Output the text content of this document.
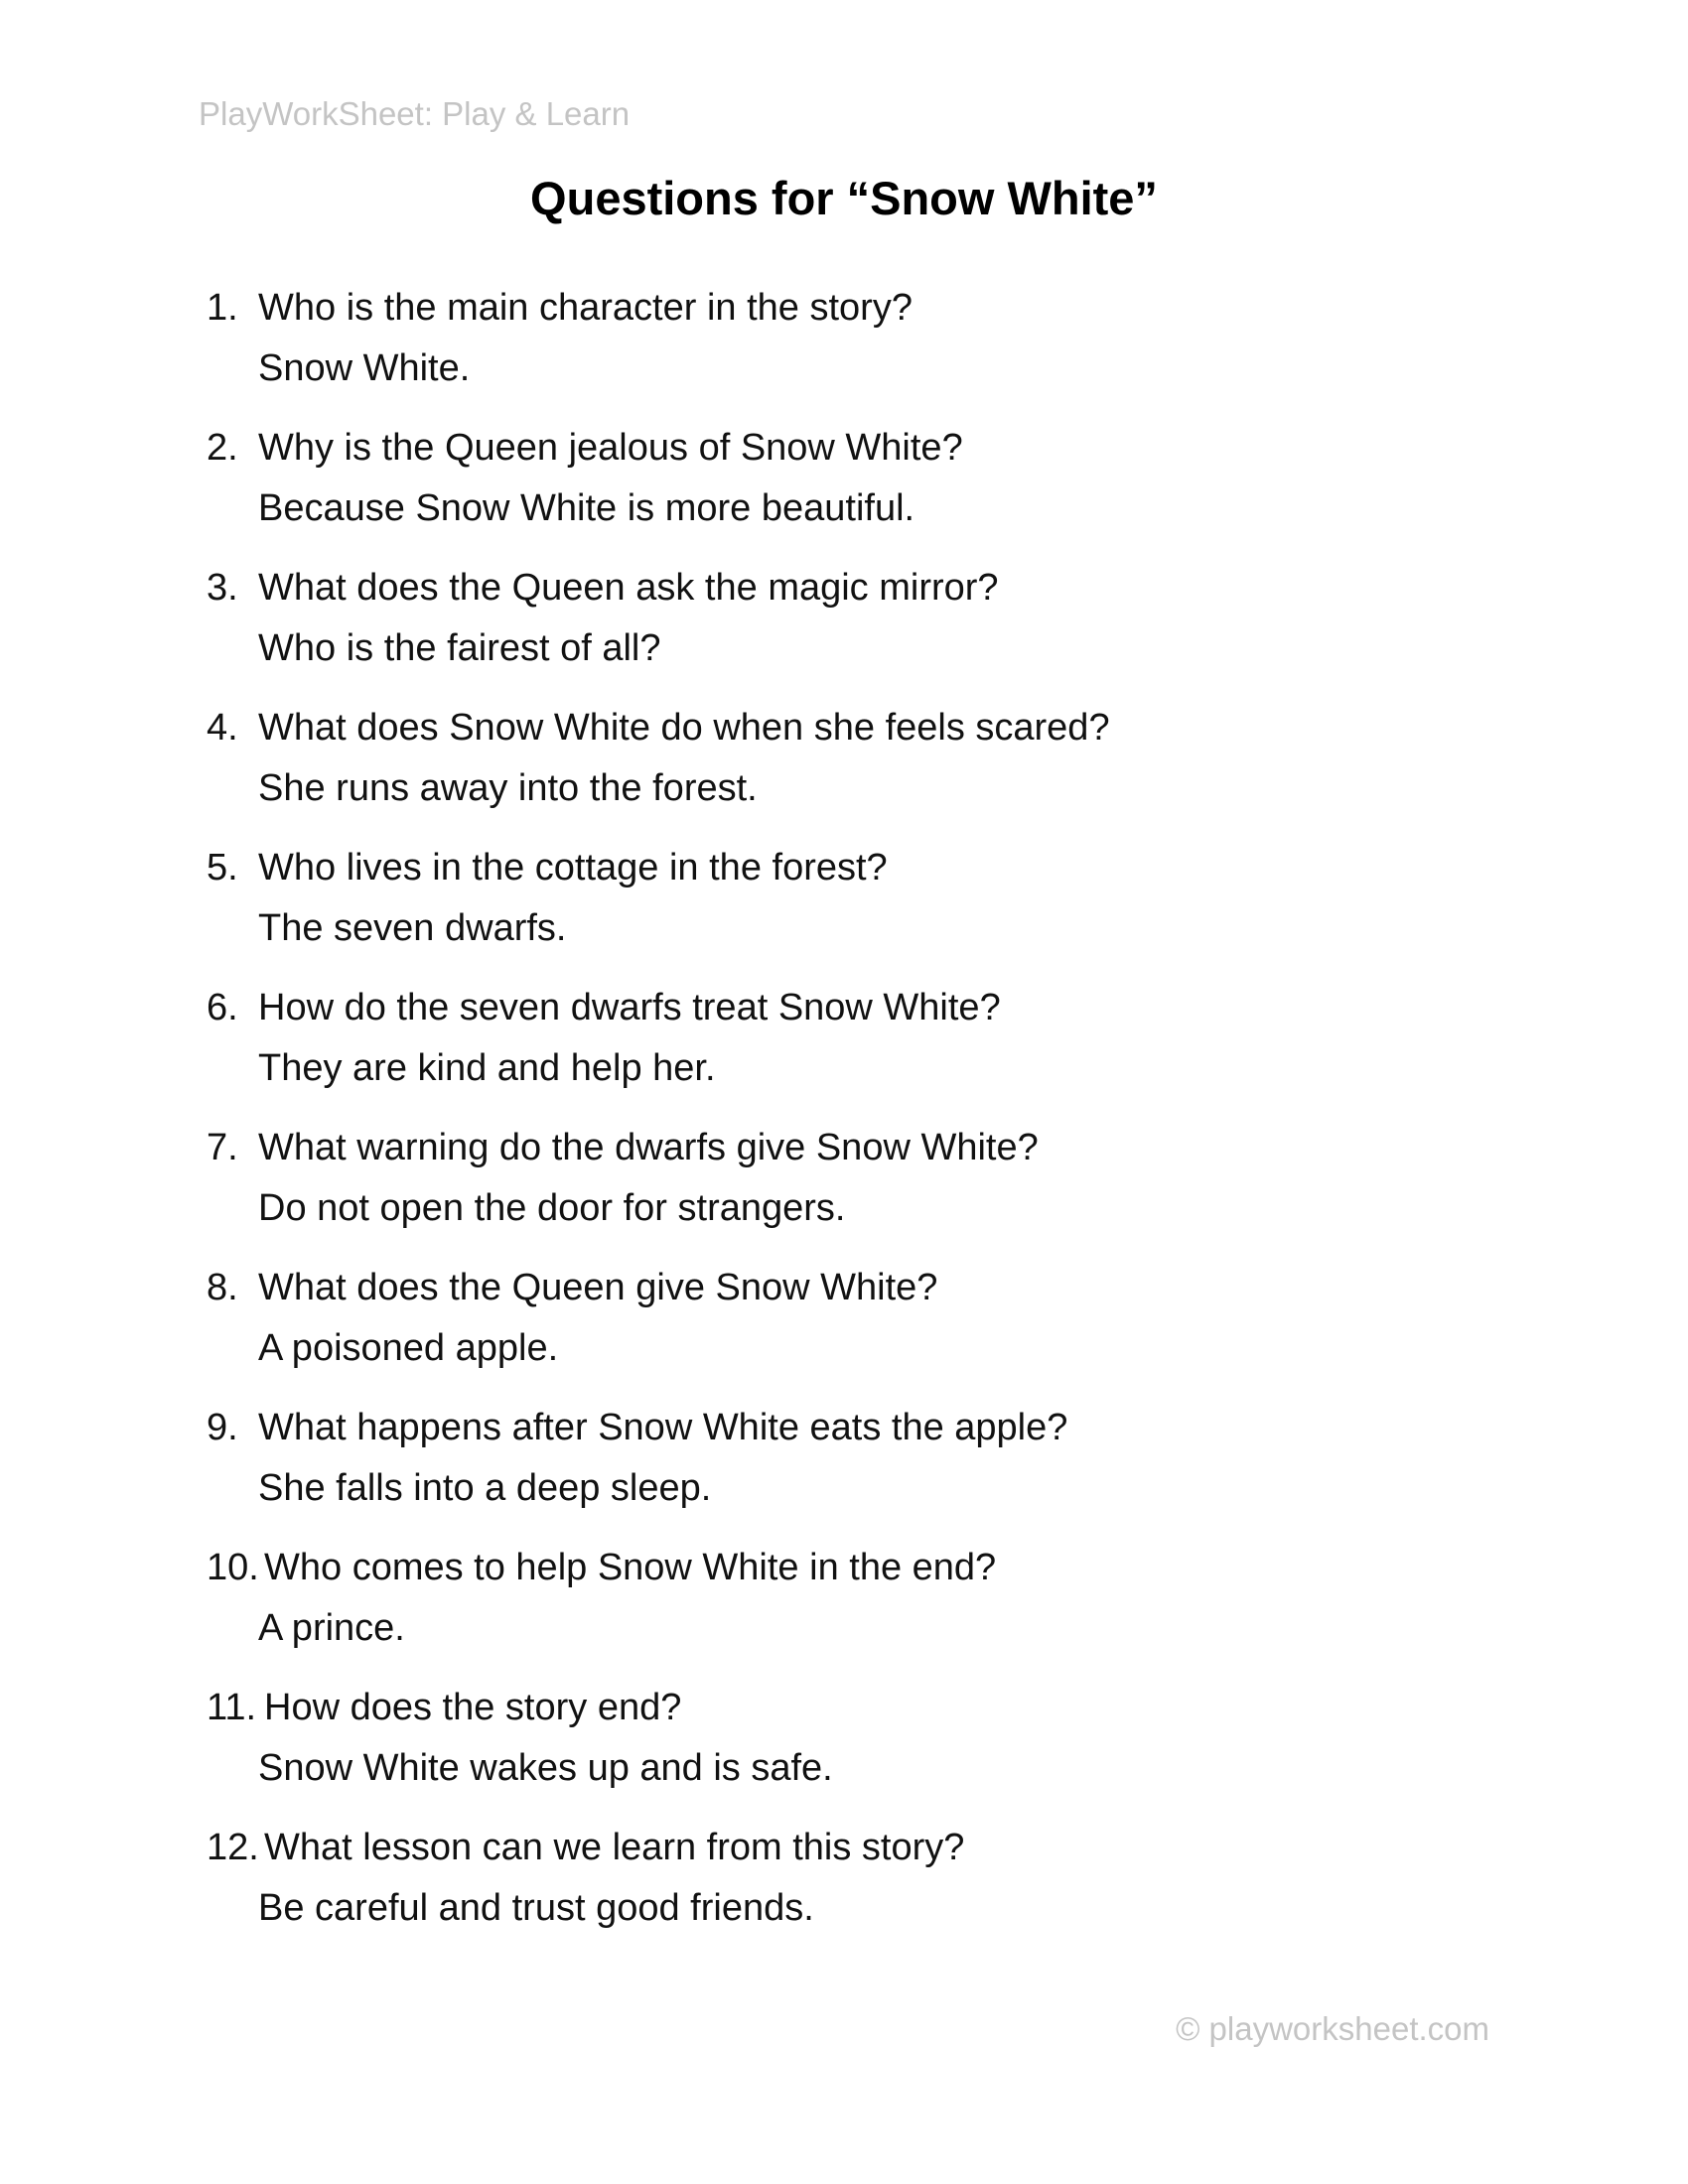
PlayWorkSheet: Play & Learn
Questions for “Snow White”
1. Who is the main character in the story?
Snow White.
2. Why is the Queen jealous of Snow White?
Because Snow White is more beautiful.
3. What does the Queen ask the magic mirror?
Who is the fairest of all?
4. What does Snow White do when she feels scared?
She runs away into the forest.
5. Who lives in the cottage in the forest?
The seven dwarfs.
6. How do the seven dwarfs treat Snow White?
They are kind and help her.
7. What warning do the dwarfs give Snow White?
Do not open the door for strangers.
8. What does the Queen give Snow White?
A poisoned apple.
9. What happens after Snow White eats the apple?
She falls into a deep sleep.
10. Who comes to help Snow White in the end?
A prince.
11. How does the story end?
Snow White wakes up and is safe.
12. What lesson can we learn from this story?
Be careful and trust good friends.
© playworksheet.com
